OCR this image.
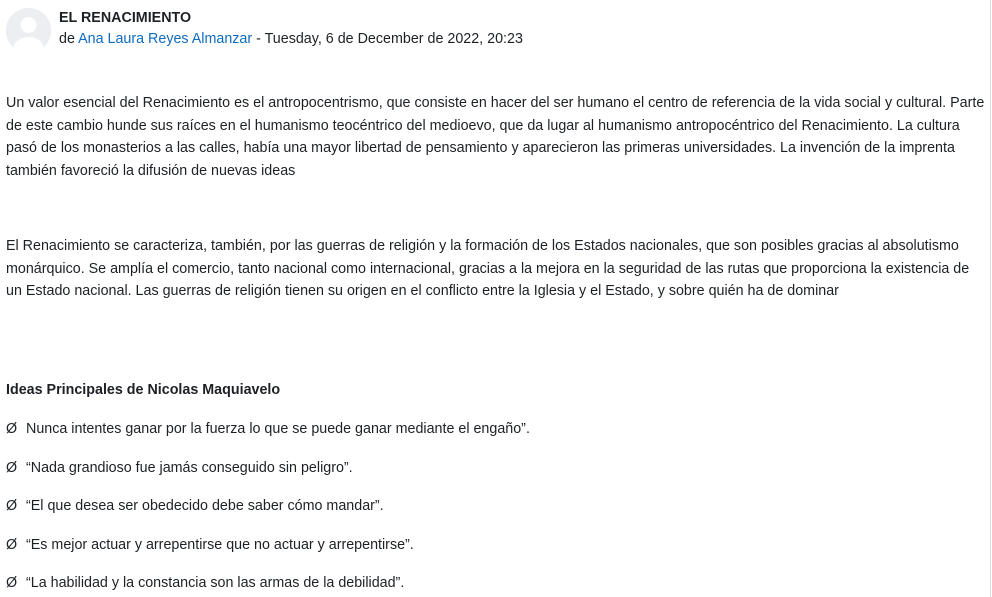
EL RENACIMIENTO
de Ana Laura Reyes Almanzar - Tuesday, 6 de December de 2022, 20:23

Un valor esencial del Renacimiento es el antropocentrismo, que consiste en hacer del ser humano el centro de referencia de la vida social y cultural. Parte de este cambio hunde sus raíces en el humanismo teocéntrico del medioevo, que da lugar al humanismo antropocéntrico del Renacimiento. La cultura pasó de los monasterios a las calles, había una mayor libertad de pensamiento y aparecieron las primeras universidades. La invención de la imprenta también favoreció la difusión de nuevas ideas

El Renacimiento se caracteriza, también, por las guerras de religión y la formación de los Estados nacionales, que son posibles gracias al absolutismo monárquico. Se amplía el comercio, tanto nacional como internacional, gracias a la mejora en la seguridad de las rutas que proporciona la existencia de un Estado nacional. Las guerras de religión tienen su origen en el conflicto entre la Iglesia y el Estado, y sobre quién ha de dominar

Ideas Principales de Nicolas Maquiavelo

Ø Nunca intentes ganar por la fuerza lo que se puede ganar mediante el engaño”.

Ø “Nada grandioso fue jamás conseguido sin peligro”.

Ø “El que desea ser obedecido debe saber cómo mandar”.

Ø “Es mejor actuar y arrepentirse que no actuar y arrepentirse”.

Ø “La habilidad y la constancia son las armas de la debilidad”.
